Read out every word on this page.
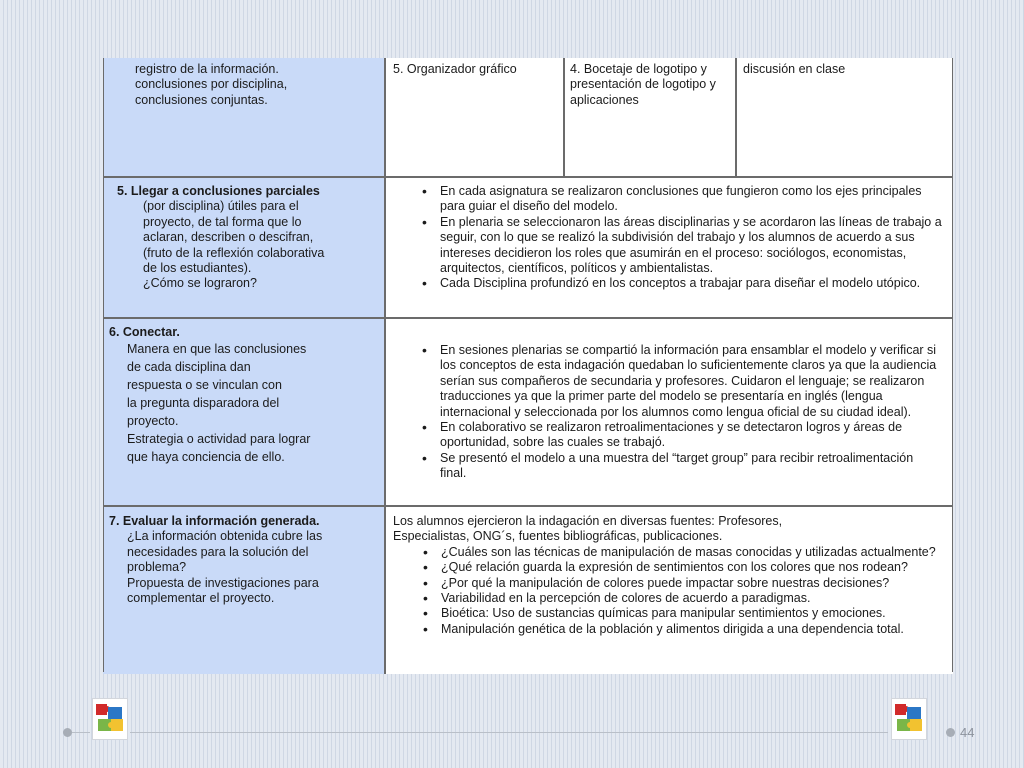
registro de la información.

conclusiones por disciplina,

conclusiones conjuntas.

5. Organizador gráfico	4. Bocetaje de logotipo y presentación de logotipo y aplicaciones

discusión en clase

5. Llegar a conclusiones parciales

(por disciplina) útiles para el

proyecto, de tal forma que lo

aclaran, describen o descifran,

(fruto de la reflexión colaborativa

de los estudiantes).

¿Cómo se lograron?

• En cada asignatura se realizaron conclusiones que fungieron como los ejes principales para guiar el diseño del modelo.
• En plenaria se seleccionaron las áreas disciplinarias y se acordaron las líneas de trabajo a seguir, con lo que se realizó la subdivisión del trabajo y los alumnos de acuerdo a sus intereses decidieron los roles que asumirán en el proceso: sociólogos, economistas, arquitectos, científicos, políticos y ambientalistas.
• Cada Disciplina profundizó en los conceptos a trabajar para diseñar el modelo utópico.

6. Conectar.

Manera en que las conclusiones

de cada disciplina dan

respuesta o se vinculan con

la pregunta disparadora del

proyecto.

Estrategia o actividad para lograr

que haya conciencia de ello.

• En sesiones plenarias se compartió la información para ensamblar el modelo y verificar si los conceptos de esta indagación quedaban lo suficientemente claros ya que la audiencia serían sus compañeros de secundaria y profesores. Cuidaron el lenguaje; se realizaron traducciones ya que la primer parte del modelo se presentaría en inglés (lengua internacional y seleccionada por los alumnos como lengua oficial de su ciudad ideal).
• En colaborativo se realizaron retroalimentaciones y se detectaron logros y áreas de oportunidad, sobre las cuales se trabajó.
• Se presentó el modelo a una muestra del “target group” para recibir retroalimentación final.

7. Evaluar la información generada.

¿La información obtenida cubre las

necesidades para la solución del

problema?

Propuesta de investigaciones para

complementar el proyecto.

Los alumnos ejercieron la indagación en diversas fuentes: Profesores,

Especialistas, ONG´s, fuentes bibliográficas, publicaciones.

• ¿Cuáles son las técnicas de manipulación de masas conocidas y utilizadas actualmente?
• ¿Qué relación guarda la expresión de sentimientos con los colores que nos rodean?
• ¿Por qué la manipulación de colores puede impactar sobre nuestras decisiones?
• Variabilidad en la percepción de colores de acuerdo a paradigmas.
• Bioética: Uso de sustancias químicas para manipular sentimientos y emociones.
• Manipulación genética de la población y alimentos dirigida a una dependencia total.
44
